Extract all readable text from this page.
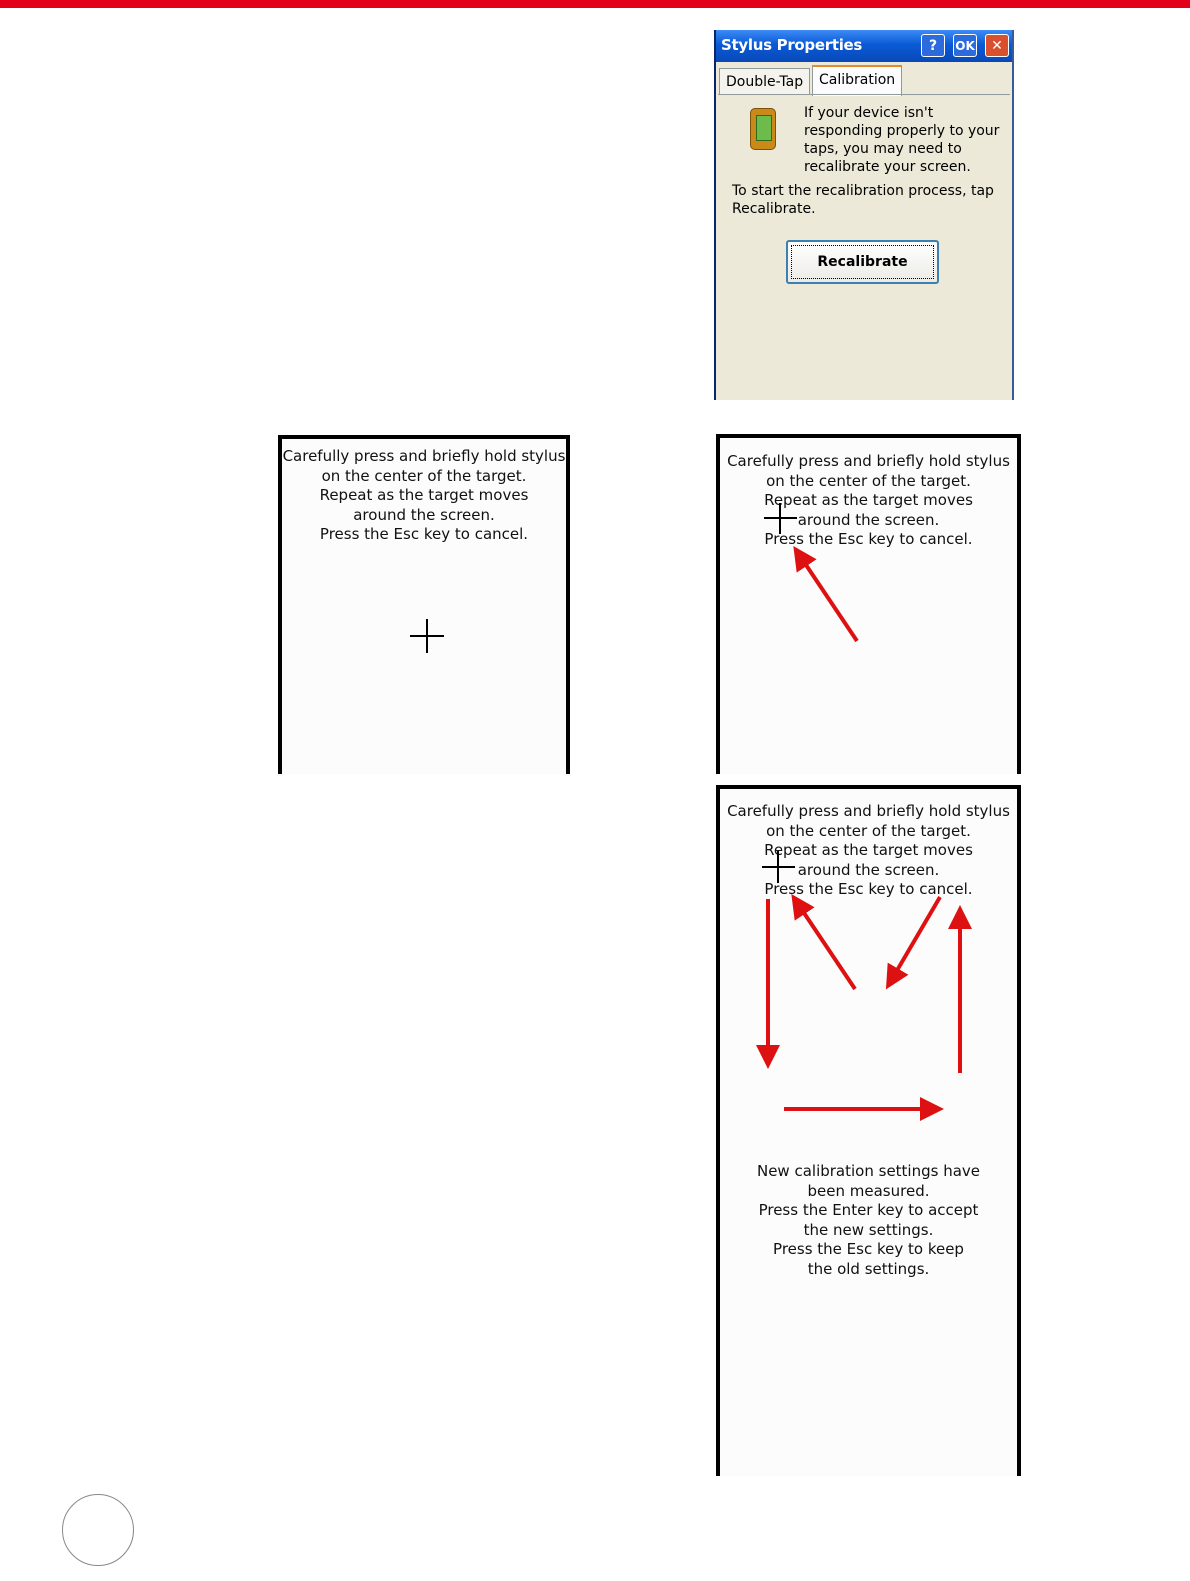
Stylus Properties	?	OK	✕
Double-Tap	Calibration
If your device isn't responding properly to your taps, you may need to recalibrate your screen.
To start the recalibration process, tap Recalibrate.
Recalibrate
Carefully press and briefly hold stylus
on the center of the target.
Repeat as the target moves
around the screen.
Press the Esc key to cancel.
Carefully press and briefly hold stylus
on the center of the target.
Repeat as the target moves
around the screen.
Press the Esc key to cancel.
Carefully press and briefly hold stylus
on the center of the target.
Repeat as the target moves
around the screen.
Press the Esc key to cancel.
New calibration settings have
been measured.
Press the Enter key to accept
the new settings.
Press the Esc key to keep
the old settings.
